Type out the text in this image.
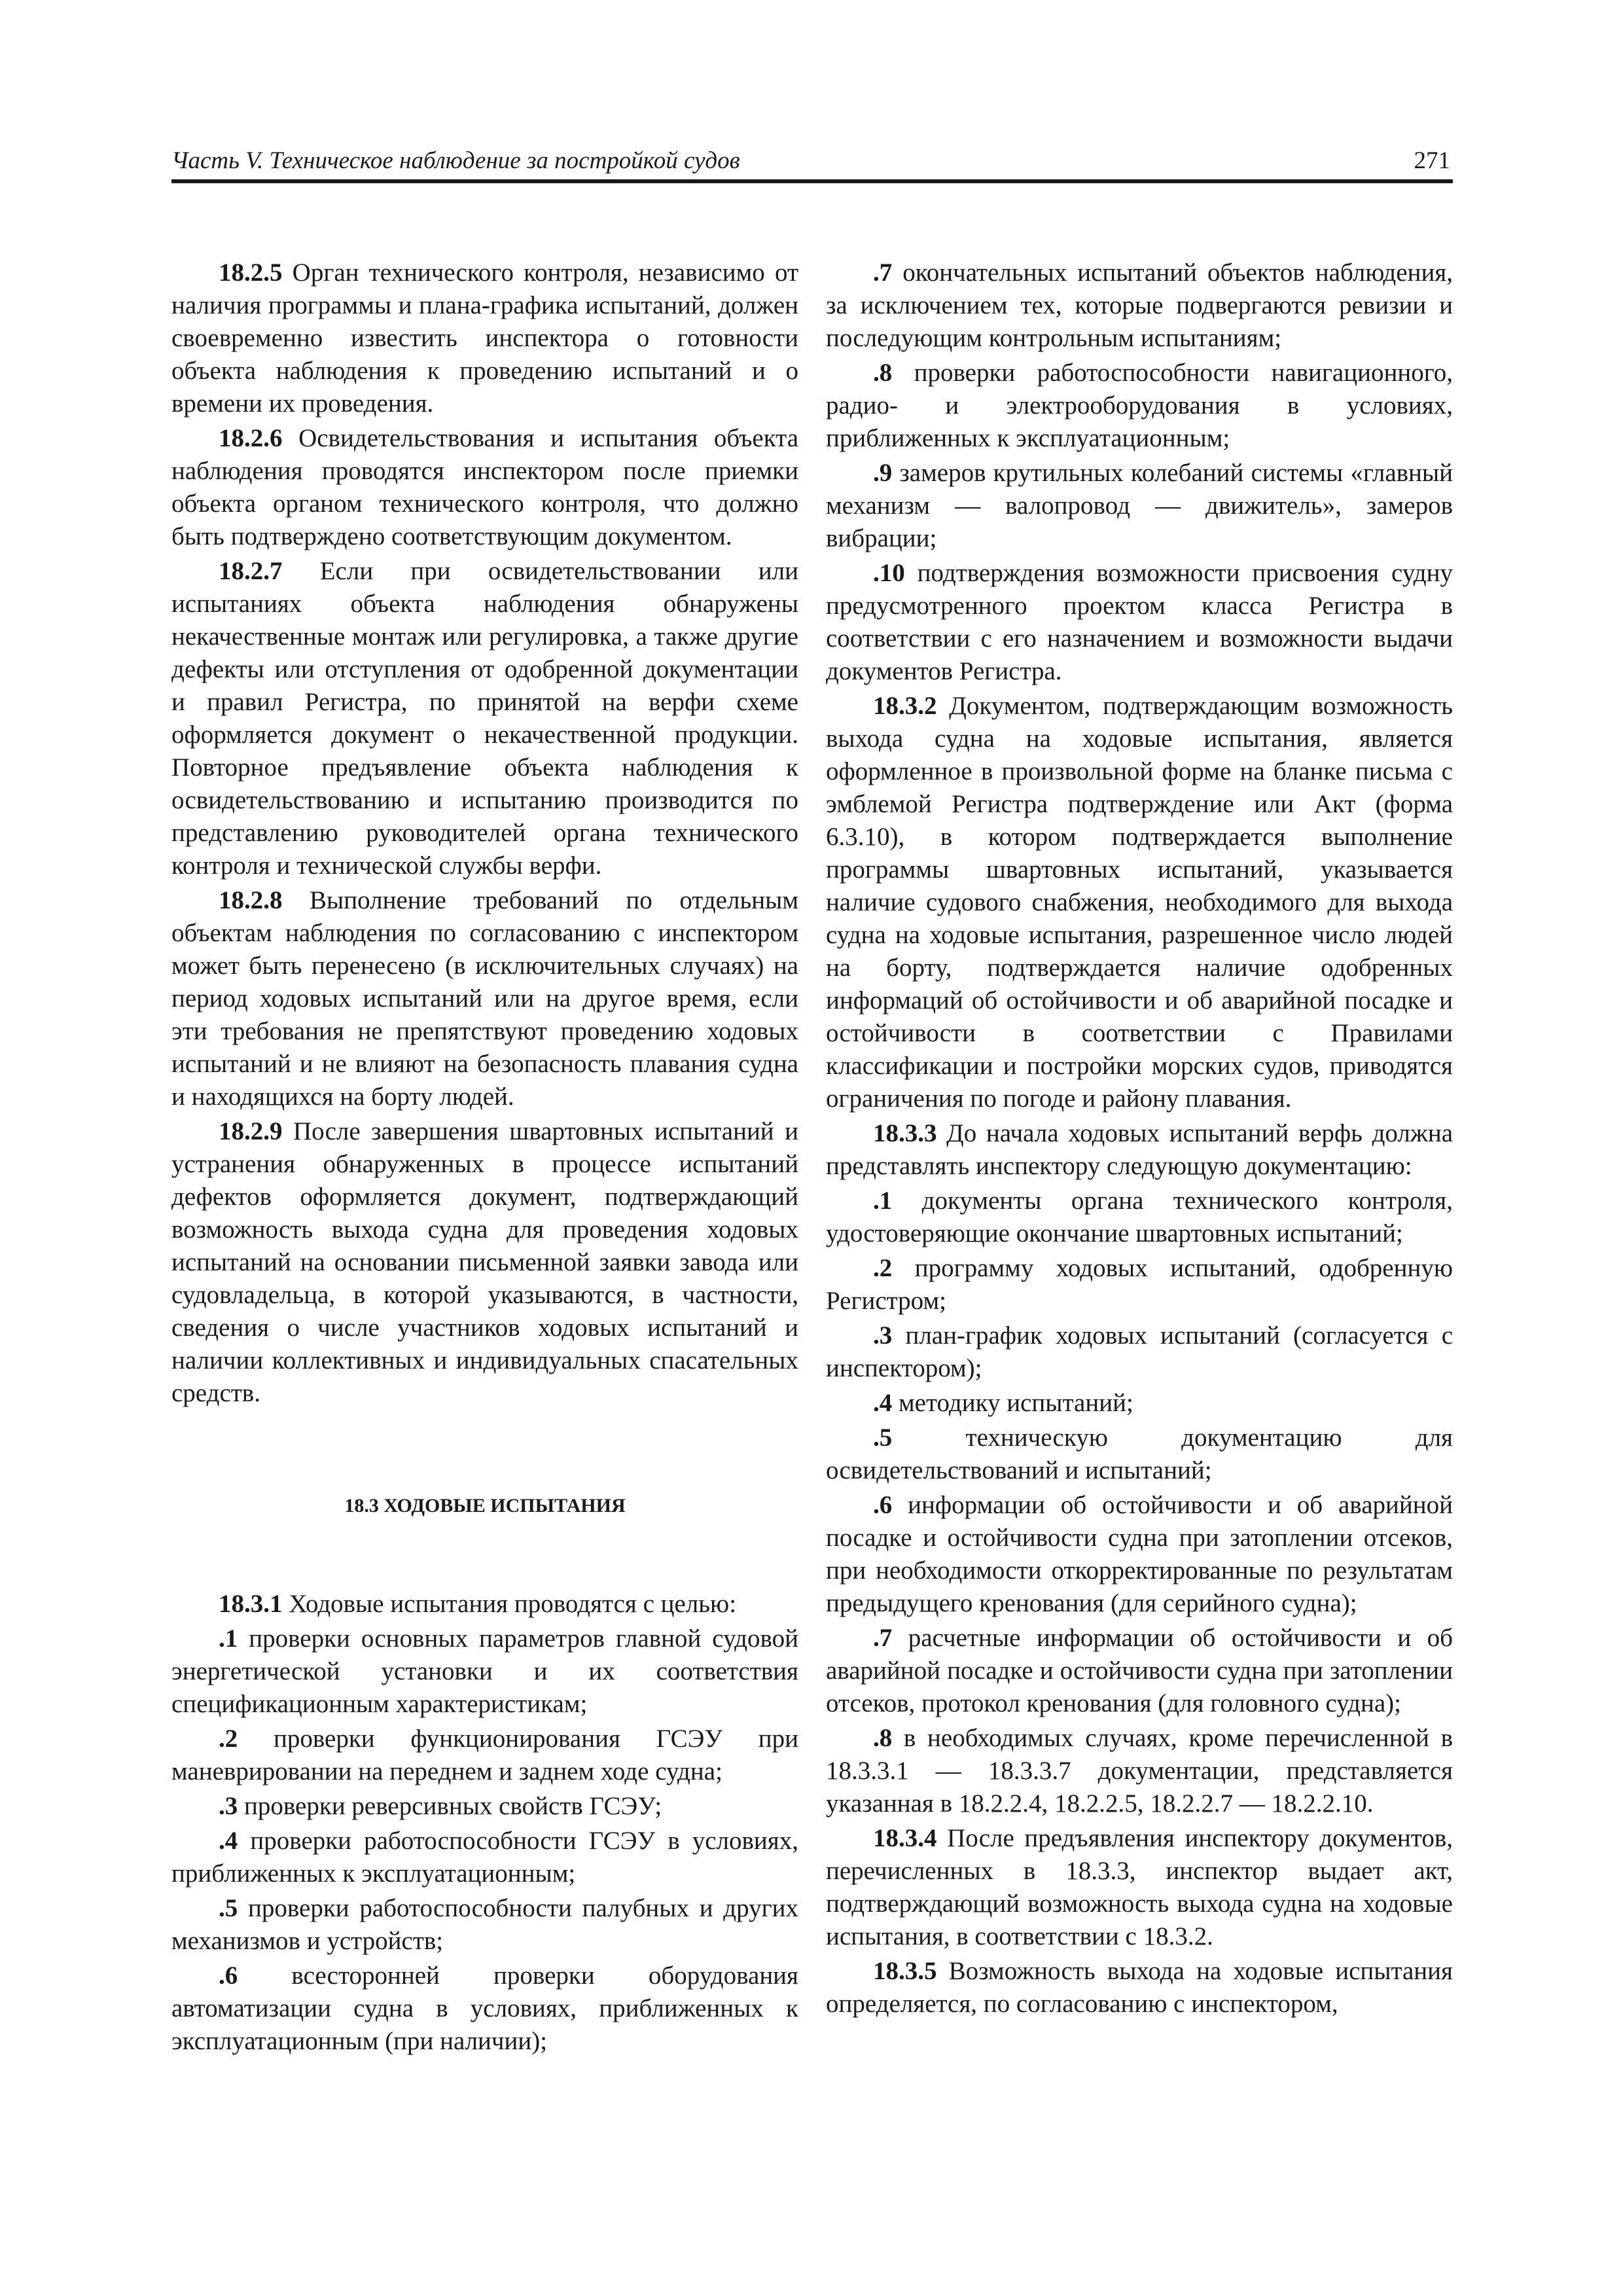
Часть V. Техническое наблюдение за постройкой судов	271

18.2.5 Орган технического контроля, независимо от наличия программы и плана-графика испытаний, должен своевременно известить инспектора о готовности объекта наблюдения к проведению испытаний и о времени их проведения.

18.2.6 Освидетельствования и испытания объекта наблюдения проводятся инспектором после приемки объекта органом технического контроля, что должно быть подтверждено соответствующим документом.

18.2.7 Если при освидетельствовании или испытаниях объекта наблюдения обнаружены некачественные монтаж или регулировка, а также другие дефекты или отступления от одобренной документации и правил Регистра, по принятой на верфи схеме оформляется документ о некачественной продукции. Повторное предъявление объекта наблюдения к освидетельствованию и испытанию производится по представлению руководителей органа технического контроля и технической службы верфи.

18.2.8 Выполнение требований по отдельным объектам наблюдения по согласованию с инспектором может быть перенесено (в исключительных случаях) на период ходовых испытаний или на другое время, если эти требования не препятствуют проведению ходовых испытаний и не влияют на безопасность плавания судна и находящихся на борту людей.

18.2.9 После завершения швартовных испытаний и устранения обнаруженных в процессе испытаний дефектов оформляется документ, подтверждающий возможность выхода судна для проведения ходовых испытаний на основании письменной заявки завода или судовладельца, в которой указываются, в частности, сведения о числе участников ходовых испытаний и наличии коллективных и индивидуальных спасательных средств.

18.3 ХОДОВЫЕ ИСПЫТАНИЯ

18.3.1 Ходовые испытания проводятся с целью:

.1 проверки основных параметров главной судовой энергетической установки и их соответствия спецификационным характеристикам;

.2 проверки функционирования ГСЭУ при маневрировании на переднем и заднем ходе судна;

.3 проверки реверсивных свойств ГСЭУ;

.4 проверки работоспособности ГСЭУ в условиях, приближенных к эксплуатационным;

.5 проверки работоспособности палубных и других механизмов и устройств;

.6 всесторонней проверки оборудования автоматизации судна в условиях, приближенных к эксплуатационным (при наличии);

.7 окончательных испытаний объектов наблюдения, за исключением тех, которые подвергаются ревизии и последующим контрольным испытаниям;

.8 проверки работоспособности навигационного, радио- и электрооборудования в условиях, приближенных к эксплуатационным;

.9 замеров крутильных колебаний системы «главный механизм — валопровод — движитель», замеров вибрации;

.10 подтверждения возможности присвоения судну предусмотренного проектом класса Регистра в соответствии с его назначением и возможности выдачи документов Регистра.

18.3.2 Документом, подтверждающим возможность выхода судна на ходовые испытания, является оформленное в произвольной форме на бланке письма с эмблемой Регистра подтверждение или Акт (форма 6.3.10), в котором подтверждается выполнение программы швартовных испытаний, указывается наличие судового снабжения, необходимого для выхода судна на ходовые испытания, разрешенное число людей на борту, подтверждается наличие одобренных информаций об остойчивости и об аварийной посадке и остойчивости в соответствии с Правилами классификации и постройки морских судов, приводятся ограничения по погоде и району плавания.

18.3.3 До начала ходовых испытаний верфь должна представлять инспектору следующую документацию:

.1 документы органа технического контроля, удостоверяющие окончание швартовных испытаний;

.2 программу ходовых испытаний, одобренную Регистром;

.3 план-график ходовых испытаний (согласуется с инспектором);

.4 методику испытаний;

.5 техническую документацию для освидетельствований и испытаний;

.6 информации об остойчивости и об аварийной посадке и остойчивости судна при затоплении отсеков, при необходимости откорректированные по результатам предыдущего кренования (для серийного судна);

.7 расчетные информации об остойчивости и об аварийной посадке и остойчивости судна при затоплении отсеков, протокол кренования (для головного судна);

.8 в необходимых случаях, кроме перечисленной в 18.3.3.1 — 18.3.3.7 документации, представляется указанная в 18.2.2.4, 18.2.2.5, 18.2.2.7 — 18.2.2.10.

18.3.4 После предъявления инспектору документов, перечисленных в 18.3.3, инспектор выдает акт, подтверждающий возможность выхода судна на ходовые испытания, в соответствии с 18.3.2.

18.3.5 Возможность выхода на ходовые испытания определяется, по согласованию с инспектором,
